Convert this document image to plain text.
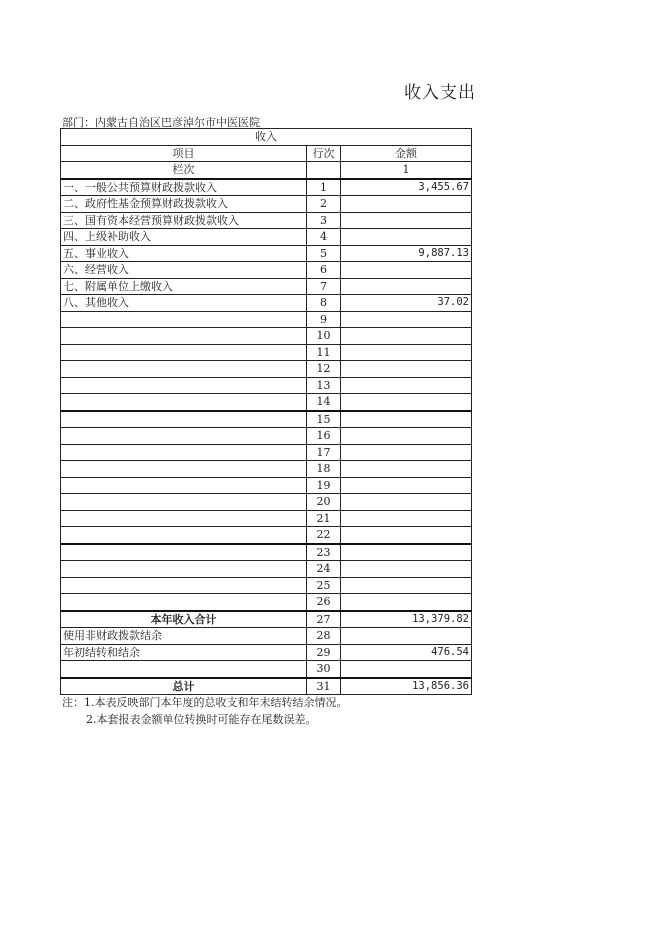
收入支出
部门：内蒙古自治区巴彦淖尔市中医医院
收入		
项目	行次	金额
栏次		1
一、一般公共预算财政拨款收入	1	3,455.67
二、政府性基金预算财政拨款收入	2	
三、国有资本经营预算财政拨款收入	3	
四、上级补助收入	4	
五、事业收入	5	9,887.13
六、经营收入	6	
七、附属单位上缴收入	7	
八、其他收入	8	37.02
	9	
	10	
	11	
	12	
	13	
	14	
	15	
	16	
	17	
	18	
	19	
	20	
	21	
	22	
	23	
	24	
	25	
	26	
本年收入合计	27	13,379.82
使用非财政拨款结余	28	
年初结转和结余	29	476.54
	30	
总计	31	13,856.36
注：1.本表反映部门本年度的总收支和年末结转结余情况。
2.本套报表金额单位转换时可能存在尾数误差。
